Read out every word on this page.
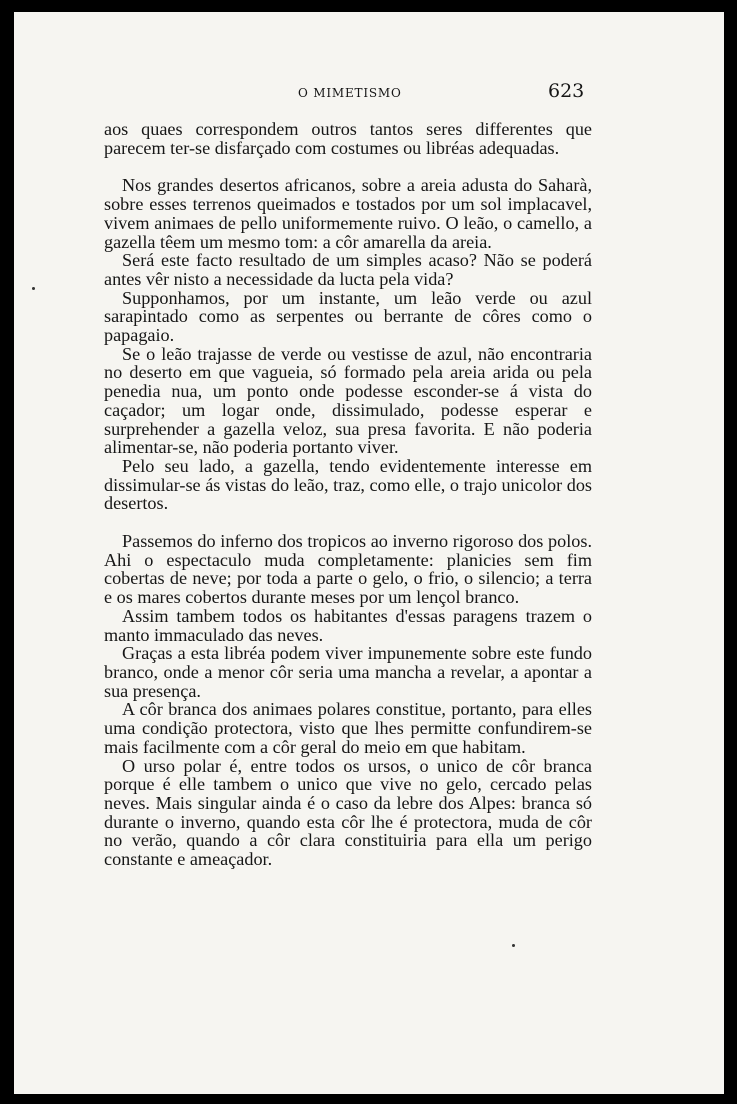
O MIMETISMO	623

aos quaes correspondem outros tantos seres differentes que parecem ter-se disfarçado com costumes ou libréas adequadas.

Nos grandes desertos africanos, sobre a areia adusta do Saharà, sobre esses terrenos queimados e tostados por um sol implacavel, vivem animaes de pello uniformemente ruivo. O leão, o camello, a gazella têem um mesmo tom: a côr amarella da areia.

Será este facto resultado de um simples acaso? Não se poderá antes vêr nisto a necessidade da lucta pela vida?

Supponhamos, por um instante, um leão verde ou azul sarapintado como as serpentes ou berrante de côres como o papagaio.

Se o leão trajasse de verde ou vestisse de azul, não encontraria no deserto em que vagueia, só formado pela areia arida ou pela penedia nua, um ponto onde podesse esconder-se á vista do caçador; um logar onde, dissimulado, podesse esperar e surprehender a gazella veloz, sua presa favorita. E não poderia alimentar-se, não poderia portanto viver.

Pelo seu lado, a gazella, tendo evidentemente interesse em dissimular-se ás vistas do leão, traz, como elle, o trajo unicolor dos desertos.

Passemos do inferno dos tropicos ao inverno rigoroso dos polos. Ahi o espectaculo muda completamente: planicies sem fim cobertas de neve; por toda a parte o gelo, o frio, o silencio; a terra e os mares cobertos durante meses por um lençol branco.

Assim tambem todos os habitantes d'essas paragens trazem o manto immaculado das neves.

Graças a esta libréa podem viver impunemente sobre este fundo branco, onde a menor côr seria uma mancha a revelar, a apontar a sua presença.

A côr branca dos animaes polares constitue, portanto, para elles uma condição protectora, visto que lhes permitte confundirem-se mais facilmente com a côr geral do meio em que habitam.

O urso polar é, entre todos os ursos, o unico de côr branca porque é elle tambem o unico que vive no gelo, cercado pelas neves. Mais singular ainda é o caso da lebre dos Alpes: branca só durante o inverno, quando esta côr lhe é protectora, muda de côr no verão, quando a côr clara constituiria para ella um perigo constante e ameaçador.
